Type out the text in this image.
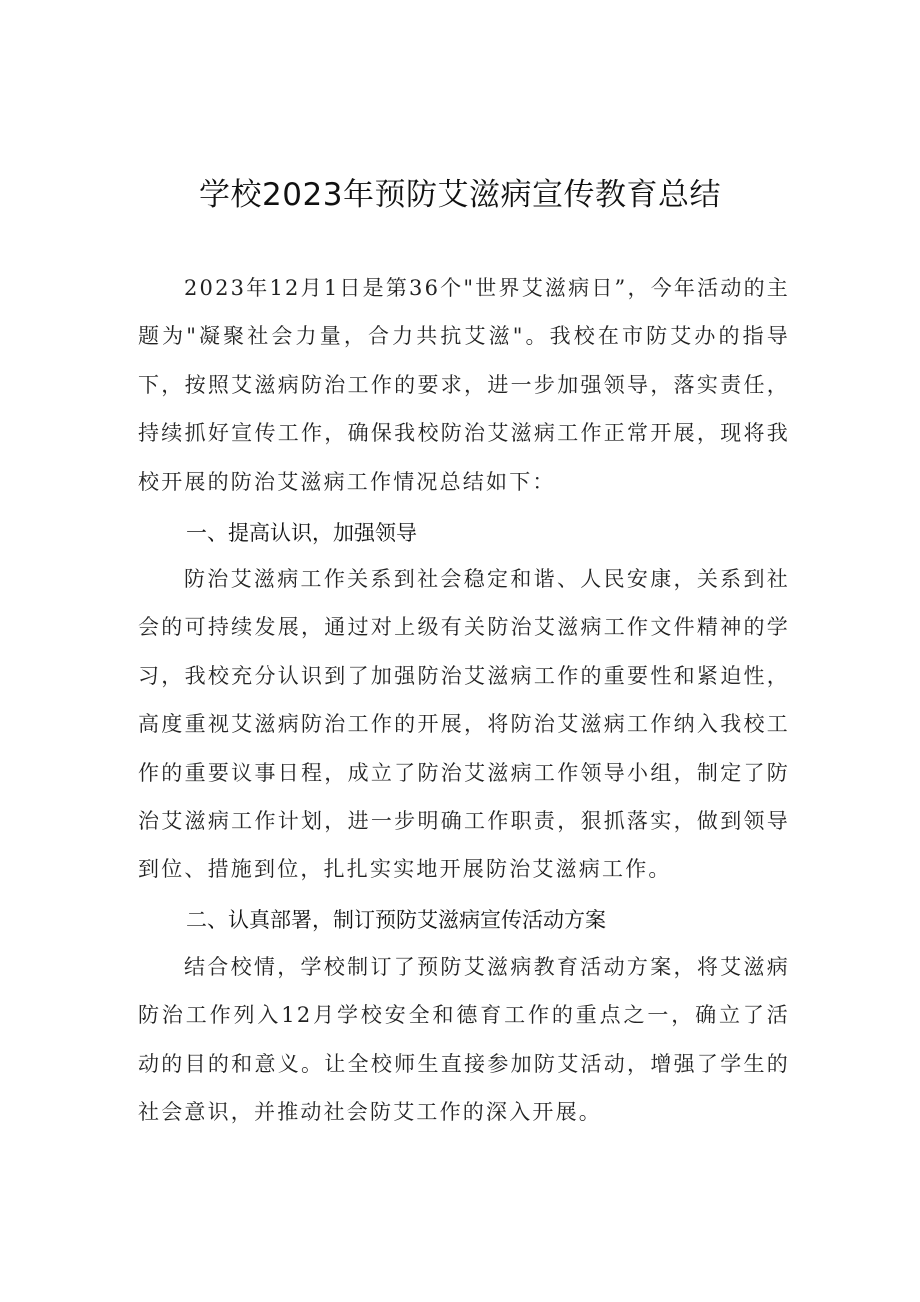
学校2023年预防艾滋病宣传教育总结

2023年12月1日是第36个"世界艾滋病日”，今年活动的主题为"凝聚社会力量，合力共抗艾滋"。我校在市防艾办的指导下，按照艾滋病防治工作的要求，进一步加强领导，落实责任，持续抓好宣传工作，确保我校防治艾滋病工作正常开展，现将我校开展的防治艾滋病工作情况总结如下：

一、提高认识，加强领导

防治艾滋病工作关系到社会稳定和谐、人民安康，关系到社会的可持续发展，通过对上级有关防治艾滋病工作文件精神的学习，我校充分认识到了加强防治艾滋病工作的重要性和紧迫性，高度重视艾滋病防治工作的开展，将防治艾滋病工作纳入我校工作的重要议事日程，成立了防治艾滋病工作领导小组，制定了防治艾滋病工作计划，进一步明确工作职责，狠抓落实，做到领导到位、措施到位，扎扎实实地开展防治艾滋病工作。

二、认真部署，制订预防艾滋病宣传活动方案

结合校情，学校制订了预防艾滋病教育活动方案，将艾滋病防治工作列入12月学校安全和德育工作的重点之一，确立了活动的目的和意义。让全校师生直接参加防艾活动，增强了学生的社会意识，并推动社会防艾工作的深入开展。
